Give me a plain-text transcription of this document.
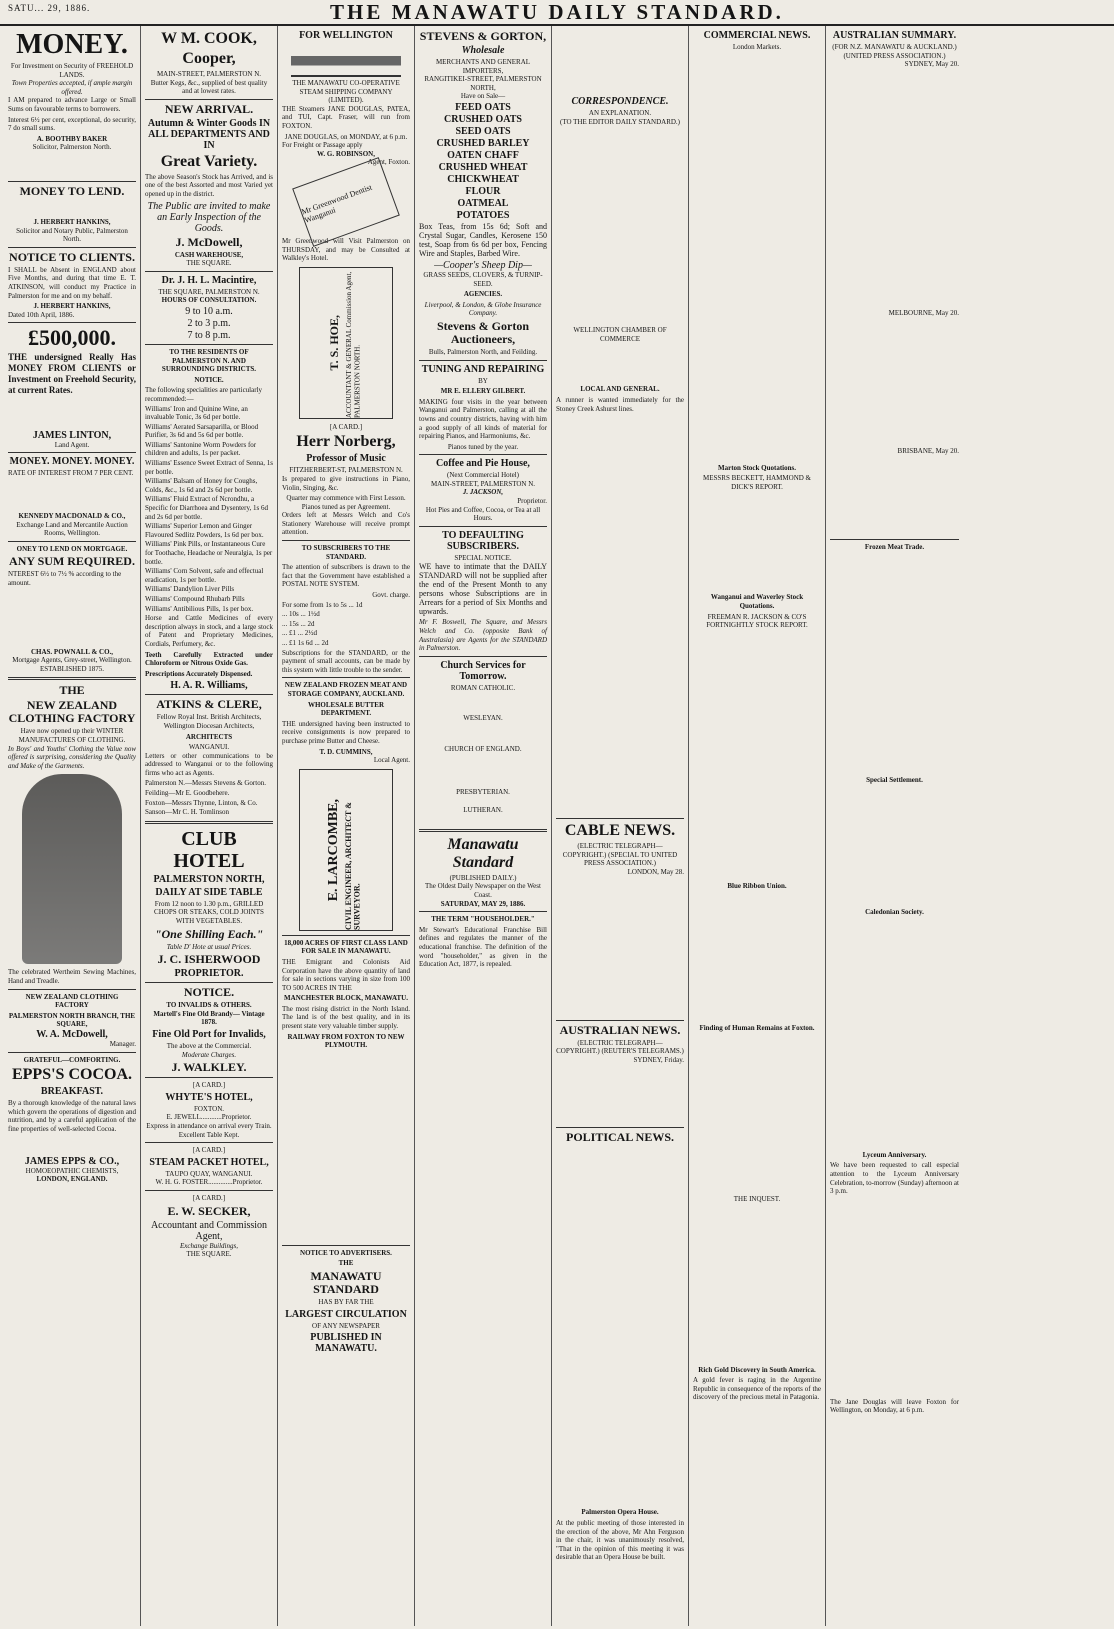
SATU... 29, 1886.	THE MANAWATU DAILY STANDARD.
MONEY.
For Investment on Security of FREEHOLD LANDS.
Town Properties accepted, if ample margin offered.
I AM prepared to advance Large or Small Sums on favourable terms to borrowers.
Interest 6½ per cent, exceptional, do security, 7 do small sums.
A. BOOTHBY BAKER
Solicitor, Palmerston North.
MONEY TO LEND.
J. HERBERT HANKINS,
Solicitor and Notary Public, Palmerston North.
NOTICE TO CLIENTS.
I SHALL be Absent in ENGLAND about Five Months, and during that time E. T. ATKINSON, will conduct my Practice in Palmerston for me and on my behalf.
J. HERBERT HANKINS,
Dated 10th April, 1886.
£500,000.
THE undersigned Really Has MONEY FROM CLIENTS or Investment on Freehold Security, at current Rates.
JAMES LINTON,
Land Agent.
MONEY. MONEY. MONEY.
RATE OF INTEREST FROM 7 PER CENT.
KENNEDY MACDONALD & CO.,
Exchange Land and Mercantile Auction Rooms, Wellington.
ONEY TO LEND ON MORTGAGE.
ANY SUM REQUIRED.
NTEREST 6½ to 7½ % according to the amount.
CHAS. POWNALL & CO.,
Mortgage Agents, Grey-street, Wellington.
ESTABLISHED 1875.
THE
NEW ZEALAND CLOTHING FACTORY
Have now opened up their WINTER MANUFACTURES OF CLOTHING.
In Boys' and Youths' Clothing the Value now offered is surprising, considering the Quality and Make of the Garments.
The celebrated Wertheim Sewing Machines, Hand and Treadle.
NEW ZEALAND CLOTHING FACTORY
PALMERSTON NORTH BRANCH, THE SQUARE,
W. A. McDowell,
Manager.
GRATEFUL—COMFORTING.
EPPS'S COCOA.
BREAKFAST.
By a thorough knowledge of the natural laws which govern the operations of digestion and nutrition, and by a careful application of the fine properties of well-selected Cocoa.
JAMES EPPS & CO.,
HOMOEOPATHIC CHEMISTS,
LONDON, ENGLAND.
W M. COOK,
Cooper,
MAIN-STREET, PALMERSTON N.
Butter Kegs, &c., supplied of best quality and at lowest rates.
NEW ARRIVAL.
Autumn & Winter Goods IN ALL DEPARTMENTS AND IN
Great Variety.
The above Season's Stock has Arrived, and is one of the best Assorted and most Varied yet opened up in the district.
The Public are invited to make an Early Inspection of the Goods.
J. McDowell,
CASH WAREHOUSE,
THE SQUARE.
Dr. J. H. L. Macintire,
THE SQUARE, PALMERSTON N.
HOURS OF CONSULTATION.
9 to 10 a.m.
2 to 3 p.m.
7 to 8 p.m.
TO THE RESIDENTS OF PALMERSTON N. AND SURROUNDING DISTRICTS.
NOTICE.
The following specialities are particularly recommended:—
Williams' Iron and Quinine Wine, an invaluable Tonic, 3s 6d per bottle.
Williams' Aerated Sarsaparilla, or Blood Purifier, 3s 6d and 5s 6d per bottle.
Williams' Santonine Worm Powders for children and adults, 1s per packet.
Williams' Essence Sweet Extract of Senna, 1s per bottle.
Williams' Balsam of Honey for Coughs, Colds, &c., 1s 6d and 2s 6d per bottle.
Williams' Fluid Extract of Ncrondhu, a Specific for Diarrhoea and Dysentery, 1s 6d and 2s 6d per bottle.
Williams' Superior Lemon and Ginger Flavoured Sedlitz Powders, 1s 6d per box.
Williams' Pink Pills, or Instantaneous Cure for Toothache, Headache or Neuralgia, 1s per bottle.
Williams' Corn Solvent, safe and effectual eradication, 1s per bottle.
Williams' Dandylion Liver Pills
Williams' Compound Rhubarb Pills
Williams' Antibilious Pills, 1s per box.
Horse and Cattle Medicines of every description always in stock, and a large stock of Patent and Proprietary Medicines, Cordials, Perfumery, &c.
Teeth Carefully Extracted under Chloroform or Nitrous Oxide Gas.
Prescriptions Accurately Dispensed.
H. A. R. Williams,
ATKINS & CLERE,
Fellow Royal Inst. British Architects, Wellington Diocesan Architects,
ARCHITECTS
WANGANUI.
Letters or other communications to be addressed to Wanganui or to the following firms who act as Agents.
Palmerston N.—Messrs Stevens & Gorton.
Feilding—Mr E. Goodbehere.
Foxton—Messrs Thynne, Linton, & Co.
Sanson—Mr C. H. Tomlinson
CLUB HOTEL
PALMERSTON NORTH,
DAILY AT SIDE TABLE
From 12 noon to 1.30 p.m., GRILLED CHOPS OR STEAKS, COLD JOINTS WITH VEGETABLES.
"One Shilling Each."
Table D' Hote at usual Prices.
J. C. ISHERWOOD
PROPRIETOR.
NOTICE.
TO INVALIDS & OTHERS.
Martell's Fine Old Brandy— Vintage 1878.
Fine Old Port for Invalids,
The above at the Commercial.
Moderate Charges.
J. WALKLEY.
[A CARD.]
WHYTE'S HOTEL,
FOXTON.
E. JEWELL............Proprietor.
Express in attendance on arrival every Train.
Excellent Table Kept.
[A CARD.]
STEAM PACKET HOTEL,
TAUPO QUAY, WANGANUI.
W. H. G. FOSTER..............Proprietor.
[A CARD.]
E. W. SECKER,
Accountant and Commission Agent,
Exchange Buildings,
THE SQUARE.
FOR WELLINGTON
THE MANAWATU CO-OPERATIVE STEAM SHIPPING COMPANY (LIMITED).
THE Steamers JANE DOUGLAS, PATEA, and TUI, Capt. Fraser, will run from FOXTON.
JANE DOUGLAS, on MONDAY, at 6 p.m.
For Freight or Passage apply
W. G. ROBINSON,
Agent, Foxton.
Mr Greenwood Dentist Wanganui
Mr Greenwood will Visit Palmerston on THURSDAY, and may be Consulted at Walkley's Hotel.
T. S. HOE, ACCOUNTANT & GENERAL Commission Agent, PALMERSTON NORTH.
[A CARD.]
Herr Norberg,
Professor of Music
FITZHERBERT-ST, PALMERSTON N.
Is prepared to give instructions in Piano, Violin, Singing, &c.
Quarter may commence with First Lesson.
Pianos tuned as per Agreement.
Orders left at Messrs Welch and Co's Stationery Warehouse will receive prompt attention.
TO SUBSCRIBERS TO THE STANDARD.
The attention of subscribers is drawn to the fact that the Government have established a POSTAL NOTE SYSTEM.
Govt. charge.
For some from 1s to 5s ... 1d
... 10s ... 1½d
... 15s ... 2d
... £1 ... 2½d
... £1 1s 6d ... 2d
Subscriptions for the STANDARD, or the payment of small accounts, can be made by this system with little trouble to the sender.
NEW ZEALAND FROZEN MEAT AND STORAGE COMPANY, AUCKLAND.
WHOLESALE BUTTER DEPARTMENT.
THE undersigned having been instructed to receive consignments is now prepared to purchase prime Butter and Cheese.
T. D. CUMMINS,
Local Agent.
E. LARCOMBE, CIVIL ENGINEER, ARCHITECT & SURVEYOR.
18,000 ACRES OF FIRST CLASS LAND FOR SALE IN MANAWATU.
THE Emigrant and Colonists Aid Corporation have the above quantity of land for sale in sections varying in size from 100 TO 500 ACRES IN THE
MANCHESTER BLOCK, MANAWATU.
The most rising district in the North Island. The land is of the best quality, and in its present state very valuable timber supply.
RAILWAY FROM FOXTON TO NEW PLYMOUTH.
NOTICE TO ADVERTISERS.
THE
MANAWATU STANDARD
HAS BY FAR THE
LARGEST CIRCULATION
OF ANY NEWSPAPER
PUBLISHED IN MANAWATU.
STEVENS & GORTON,
Wholesale
MERCHANTS AND GENERAL IMPORTERS,
RANGITIKEI-STREET, PALMERSTON NORTH,
Have on Sale—
FEED OATS
CRUSHED OATS
SEED OATS
CRUSHED BARLEY
OATEN CHAFF
CRUSHED WHEAT
CHICKWHEAT
FLOUR
OATMEAL
POTATOES
Box Teas, from 15s 6d; Soft and Crystal Sugar, Candles, Kerosene 150 test, Soap from 6s 6d per box, Fencing Wire and Staples, Barbed Wire.
—Cooper's Sheep Dip—
GRASS SEEDS, CLOVERS, & TURNIP-SEED.
AGENCIES.
Liverpool, & London, & Globe Insurance Company.
Stevens & Gorton Auctioneers,
Bulls, Palmerston North, and Feilding.
TUNING AND REPAIRING
BY
MR E. ELLERY GILBERT.
MAKING four visits in the year between Wanganui and Palmerston, calling at all the towns and country districts, having with him a good supply of all kinds of material for repairing Pianos, and Harmoniums, &c.
Pianos tuned by the year.
Coffee and Pie House,
(Next Commercial Hotel)
MAIN-STREET, PALMERSTON N.
J. JACKSON,
Proprietor.
Hot Pies and Coffee, Cocoa, or Tea at all Hours.
TO DEFAULTING SUBSCRIBERS.
SPECIAL NOTICE.
WE have to intimate that the DAILY STANDARD will not be supplied after the end of the Present Month to any persons whose Subscriptions are in Arrears for a period of Six Months and upwards.
Mr F. Boswell, The Square, and Messrs Welch and Co. (opposite Bank of Australasia) are Agents for the STANDARD in Palmerston.
Church Services for Tomorrow.
ROMAN CATHOLIC.
WESLEYAN.
CHURCH OF ENGLAND.
PRESBYTERIAN.
LUTHERAN.
Manawatu Standard
(PUBLISHED DAILY.)
The Oldest Daily Newspaper on the West Coast.
SATURDAY, MAY 29, 1886.
THE TERM "HOUSEHOLDER."
Mr Stewart's Educational Franchise Bill defines and regulates the manner of the educational franchise. The definition of the word "householder," as given in the Education Act, 1877, is repealed.
CORRESPONDENCE.
AN EXPLANATION.
(TO THE EDITOR DAILY STANDARD.)
WELLINGTON CHAMBER OF COMMERCE
LOCAL AND GENERAL.
A runner is wanted immediately for the Stoney Creek Ashurst lines.
CABLE NEWS.
(ELECTRIC TELEGRAPH—COPYRIGHT.) (SPECIAL TO UNITED PRESS ASSOCIATION.)
LONDON, May 28.
AUSTRALIAN NEWS.
(ELECTRIC TELEGRAPH—COPYRIGHT.) (REUTER'S TELEGRAMS.)
SYDNEY, Friday.
POLITICAL NEWS.
Palmerston Opera House.
At the public meeting of those interested in the erection of the above, Mr Ahn Ferguson in the chair, it was unanimously resolved, "That in the opinion of this meeting it was desirable that an Opera House be built.
COMMERCIAL NEWS.
London Markets.
Marton Stock Quotations.
MESSRS BECKETT, HAMMOND & DICK'S REPORT.
Wanganui and Waverley Stock Quotations.
FREEMAN R. JACKSON & CO'S FORTNIGHTLY STOCK REPORT.
Blue Ribbon Union.
Finding of Human Remains at Foxton.
THE INQUEST.
Rich Gold Discovery in South America.
A gold fever is raging in the Argentine Republic in consequence of the reports of the discovery of the precious metal in Patagonia.
AUSTRALIAN SUMMARY.
(FOR N.Z. MANAWATU & AUCKLAND.)
(UNITED PRESS ASSOCIATION.)
SYDNEY, May 20.
MELBOURNE, May 20.
BRISBANE, May 20.
Frozen Meat Trade.
Special Settlement.
Caledonian Society.
Lyceum Anniversary.
We have been requested to call especial attention to the Lyceum Anniversary Celebration, to-morrow (Sunday) afternoon at 3 p.m.
The Jane Douglas will leave Foxton for Wellington, on Monday, at 6 p.m.
